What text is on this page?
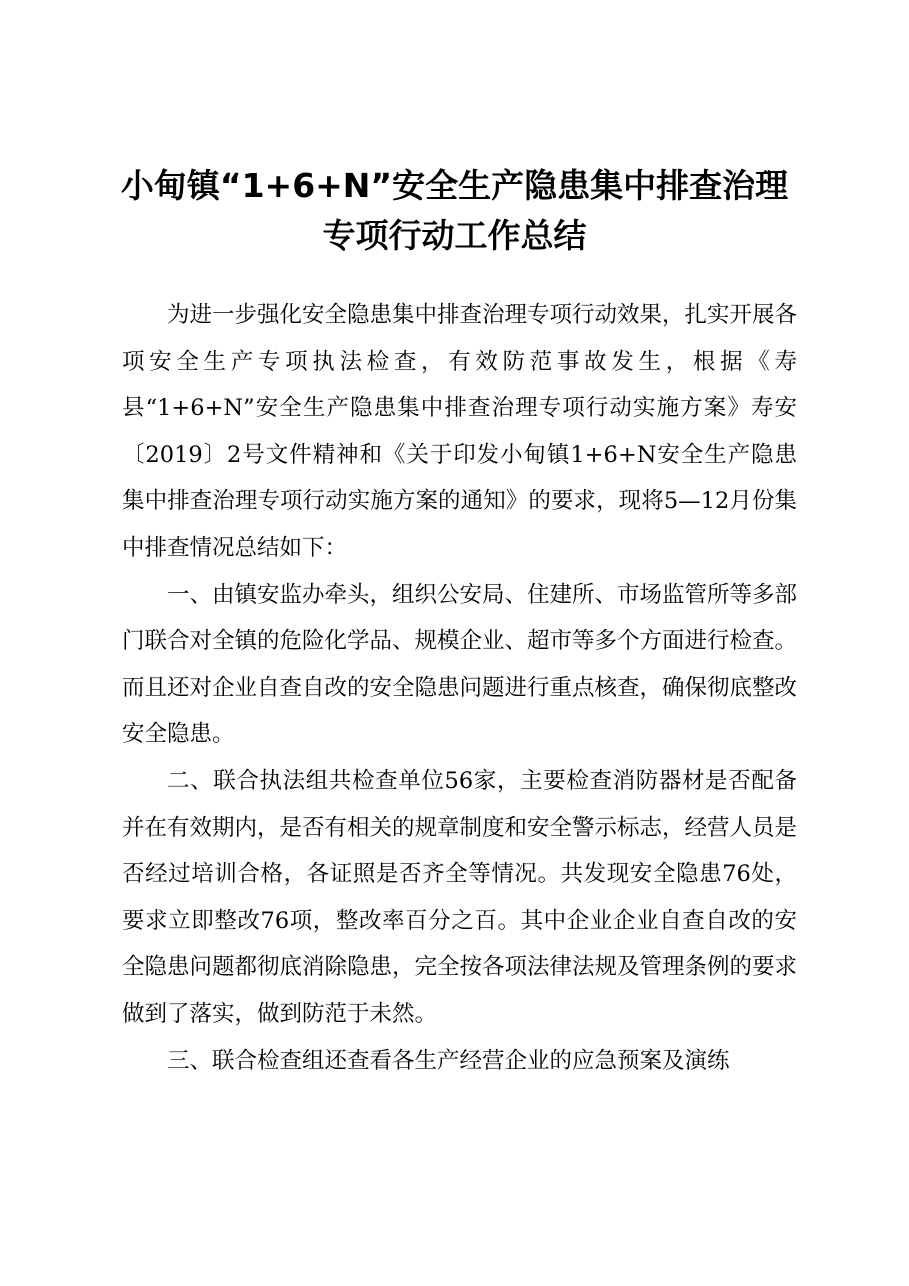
小甸镇“1+6+N”安全生产隐患集中排查治理
专项行动工作总结

为进一步强化安全隐患集中排查治理专项行动效果，扎实开展各项安全生产专项执法检查，有效防范事故发生，根据《寿县“1+6+N”安全生产隐患集中排查治理专项行动实施方案》寿安〔2019〕2号文件精神和《关于印发小甸镇1+6+N安全生产隐患集中排查治理专项行动实施方案的通知》的要求，现将5—12月份集中排查情况总结如下：

一、由镇安监办牵头，组织公安局、住建所、市场监管所等多部门联合对全镇的危险化学品、规模企业、超市等多个方面进行检查。而且还对企业自查自改的安全隐患问题进行重点核查，确保彻底整改安全隐患。

二、联合执法组共检查单位56家，主要检查消防器材是否配备并在有效期内，是否有相关的规章制度和安全警示标志，经营人员是否经过培训合格，各证照是否齐全等情况。共发现安全隐患76处，要求立即整改76项，整改率百分之百。其中企业企业自查自改的安全隐患问题都彻底消除隐患，完全按各项法律法规及管理条例的要求做到了落实，做到防范于未然。

三、联合检查组还查看各生产经营企业的应急预案及演练
